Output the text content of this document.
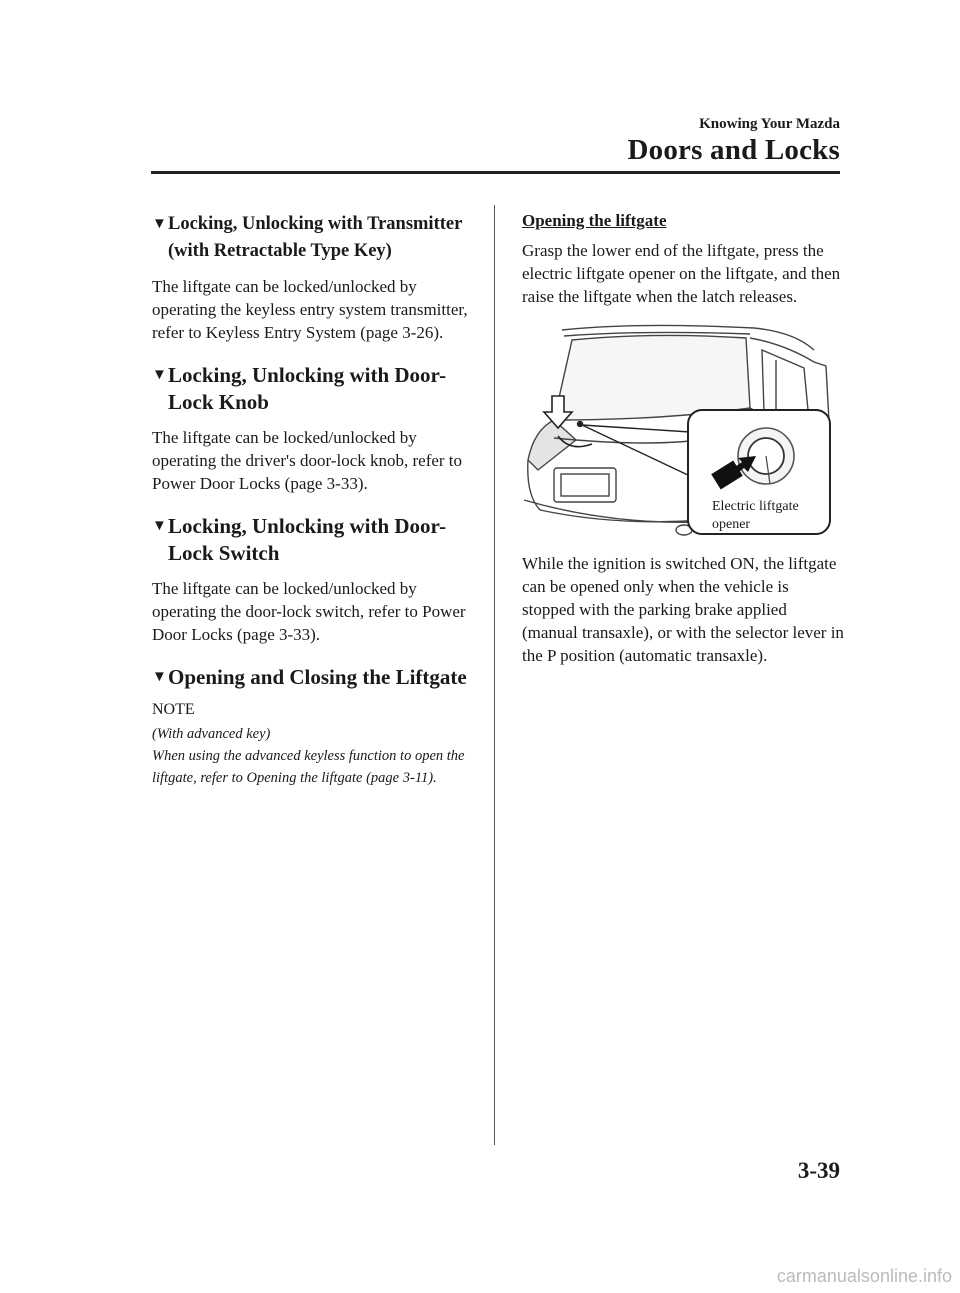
Knowing Your Mazda
Doors and Locks
▼ Locking, Unlocking with Transmitter (with Retractable Type Key)

The liftgate can be locked/unlocked by operating the keyless entry system transmitter, refer to Keyless Entry System (page 3-26).

▼ Locking, Unlocking with Door-Lock Knob

The liftgate can be locked/unlocked by operating the driver's door-lock knob, refer to Power Door Locks (page 3-33).

▼ Locking, Unlocking with Door-Lock Switch

The liftgate can be locked/unlocked by operating the door-lock switch, refer to Power Door Locks (page 3-33).

▼ Opening and Closing the Liftgate

NOTE

(With advanced key)

When using the advanced keyless function to open the liftgate, refer to Opening the liftgate (page 3-11).

Opening the liftgate

Grasp the lower end of the liftgate, press the electric liftgate opener on the liftgate, and then raise the liftgate when the latch releases.

Electric liftgate
opener

While the ignition is switched ON, the liftgate can be opened only when the vehicle is stopped with the parking brake applied (manual transaxle), or with the selector lever in the P position (automatic transaxle).

3-39
carmanualsonline.info
